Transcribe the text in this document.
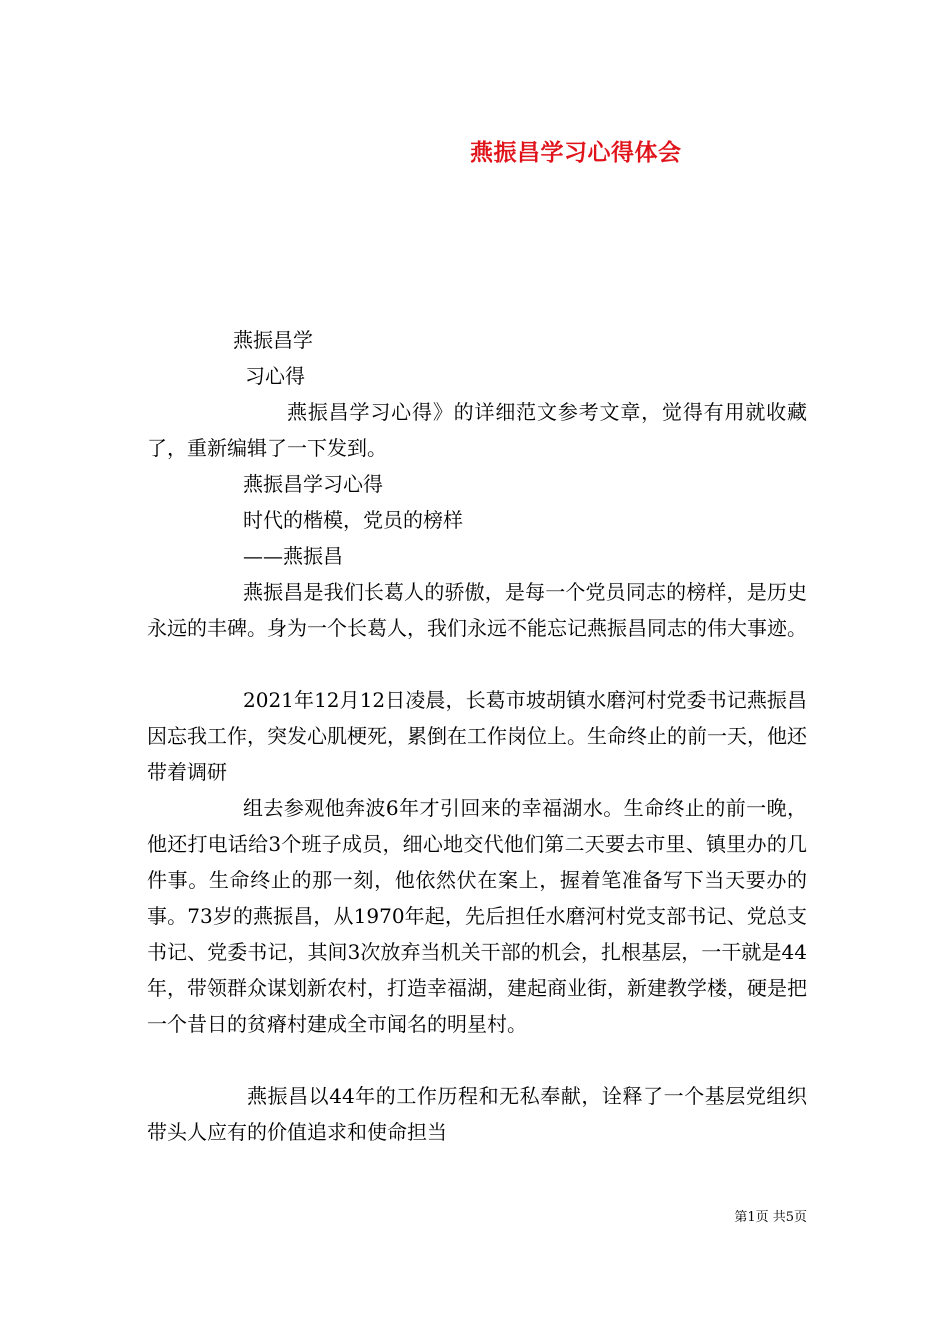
燕振昌学习心得体会
燕振昌学
习心得

燕振昌学习心得》的详细范文参考文章，觉得有用就收藏了，重新编辑了一下发到。

燕振昌学习心得
时代的楷模，党员的榜样
——燕振昌

燕振昌是我们长葛人的骄傲，是每一个党员同志的榜样，是历史永远的丰碑。身为一个长葛人，我们永远不能忘记燕振昌同志的伟大事迹。

2021年12月12日凌晨，长葛市坡胡镇水磨河村党委书记燕振昌因忘我工作，突发心肌梗死，累倒在工作岗位上。生命终止的前一天，他还带着调研

组去参观他奔波6年才引回来的幸福湖水。生命终止的前一晚，他还打电话给3个班子成员，细心地交代他们第二天要去市里、镇里办的几件事。生命终止的那一刻，他依然伏在案上，握着笔准备写下当天要办的事。73岁的燕振昌，从1970年起，先后担任水磨河村党支部书记、党总支书记、党委书记，其间3次放弃当机关干部的机会，扎根基层，一干就是44年，带领群众谋划新农村，打造幸福湖，建起商业街，新建教学楼，硬是把一个昔日的贫瘠村建成全市闻名的明星村。

燕振昌以44年的工作历程和无私奉献，诠释了一个基层党组织带头人应有的价值追求和使命担当

第1页 共5页
